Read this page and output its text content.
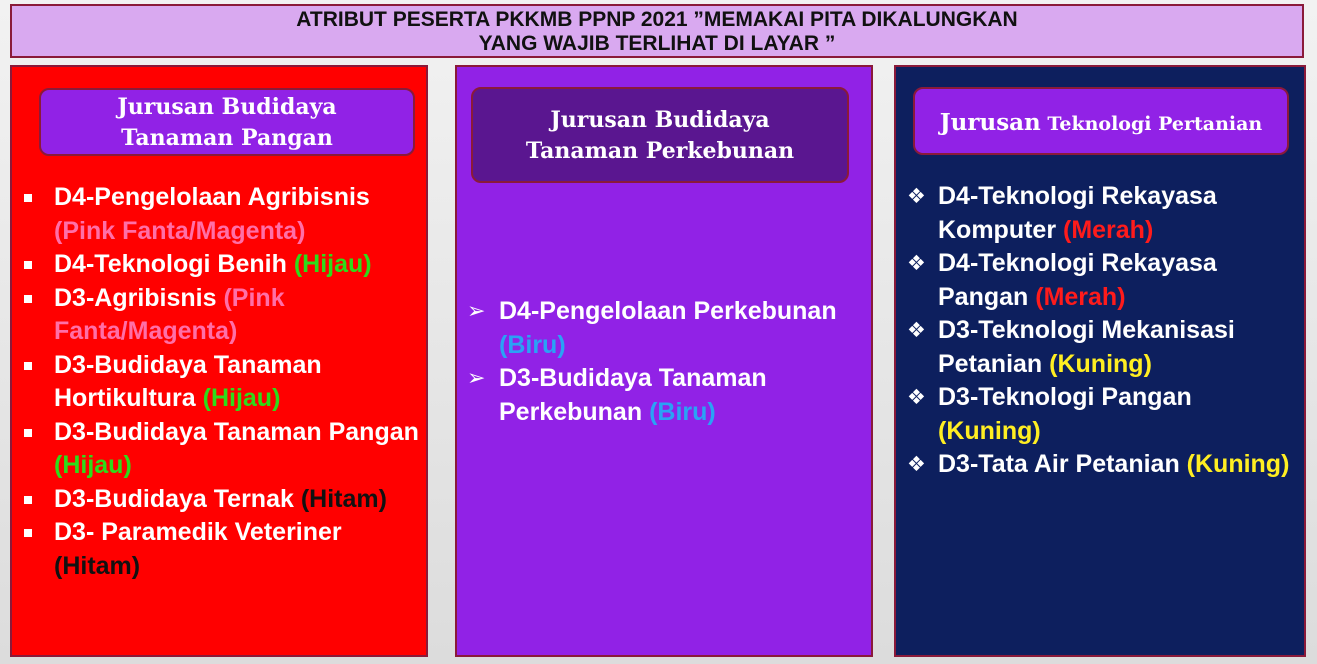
ATRIBUT PESERTA PKKMB PPNP 2021 ”MEMAKAI PITA DIKALUNGKAN
YANG WAJIB TERLIHAT DI LAYAR ”
Jurusan Budidaya
Tanaman Pangan
D4-Pengelolaan Agribisnis (Pink Fanta/Magenta)
D4-Teknologi Benih (Hijau)
D3-Agribisnis (Pink Fanta/Magenta)
D3-Budidaya Tanaman Hortikultura (Hijau)
D3-Budidaya Tanaman Pangan (Hijau)
D3-Budidaya Ternak (Hitam)
D3- Paramedik Veteriner (Hitam)
Jurusan Budidaya
Tanaman Perkebunan
➢ D4-Pengelolaan Perkebunan (Biru)
➢ D3-Budidaya Tanaman Perkebunan (Biru)
Jurusan Teknologi Pertanian
❖ D4-Teknologi Rekayasa Komputer (Merah)
❖ D4-Teknologi Rekayasa Pangan (Merah)
❖ D3-Teknologi Mekanisasi Petanian (Kuning)
❖ D3-Teknologi Pangan (Kuning)
❖ D3-Tata Air Petanian (Kuning)
